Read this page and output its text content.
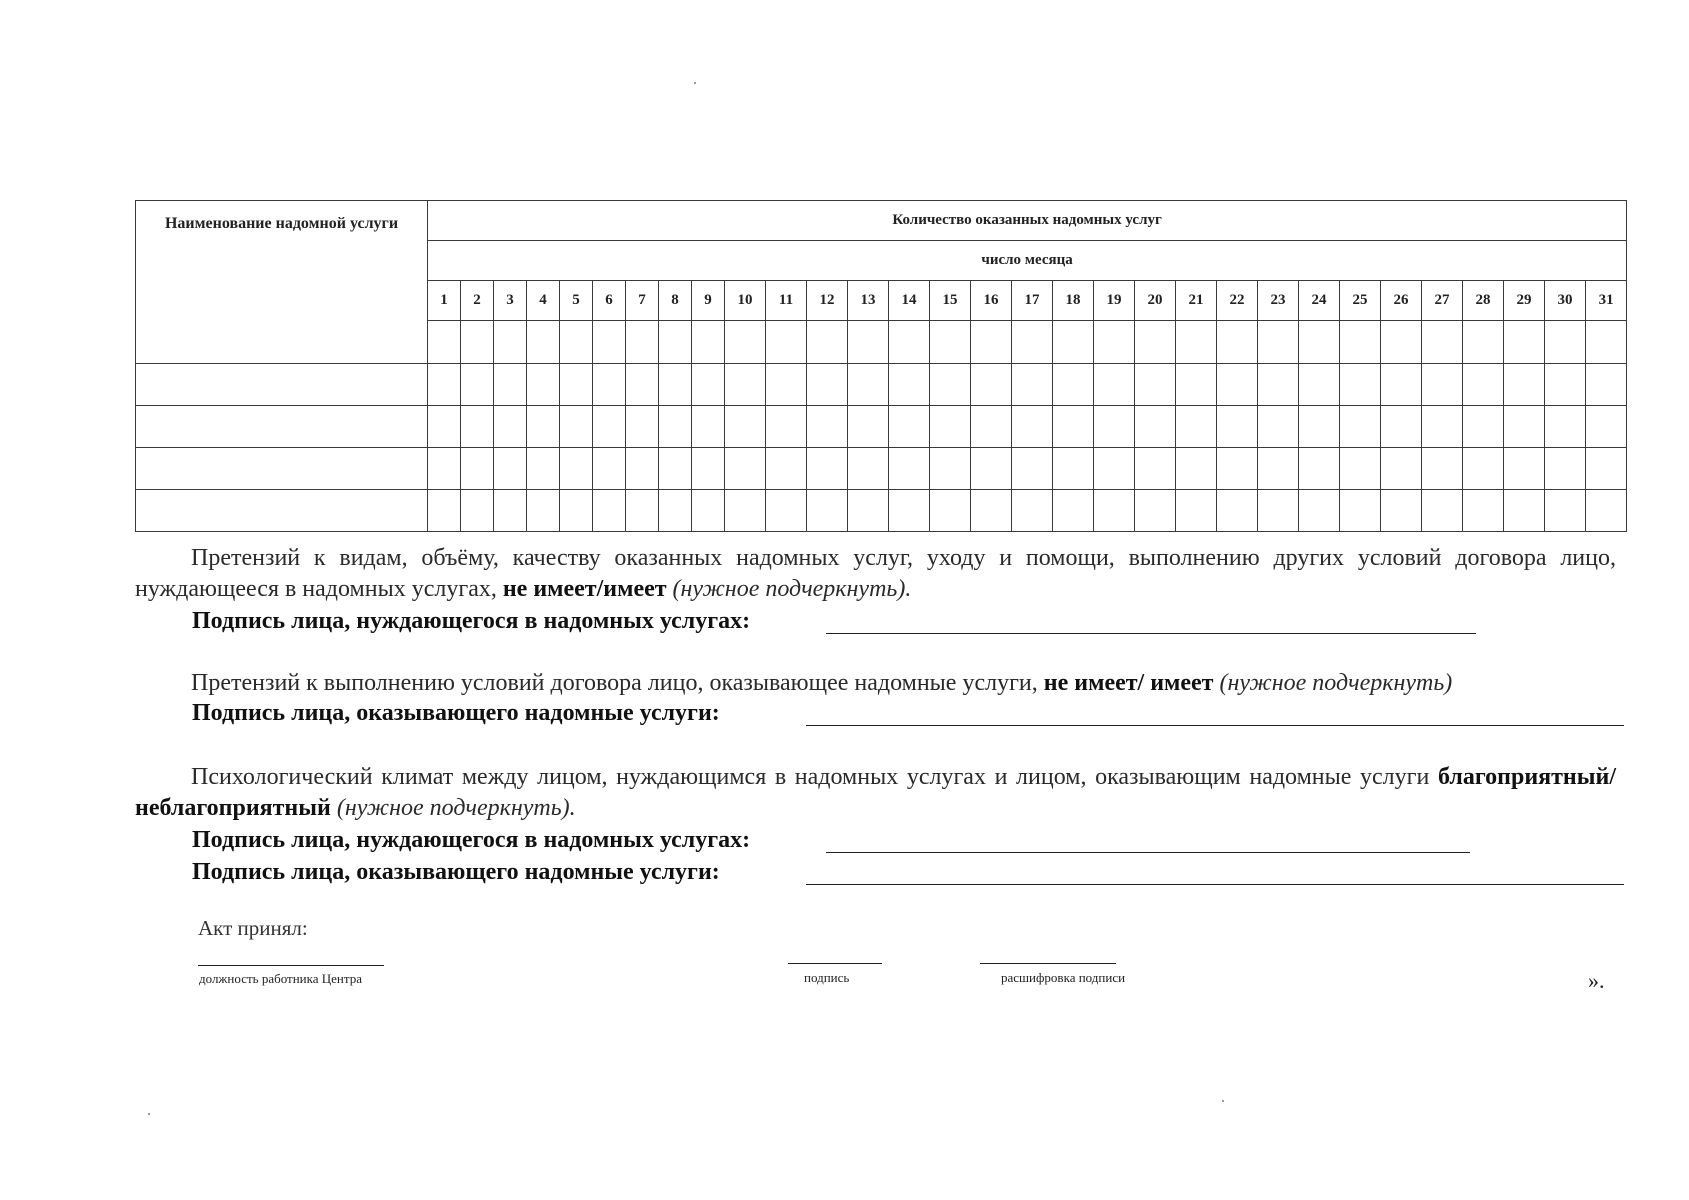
Наименование надомной услуги	Количество оказанных надомных услуг																														
	число месяца																														
	1	2	3	4	5	6	7	8	9	10	11	12	13	14	15	16	17	18	19	20	21	22	23	24	25	26	27	28	29	30	31

Претензий к видам, объёму, качеству оказанных надомных услуг, уходу и помощи, выполнению других условий договора лицо, нуждающееся в надомных услугах, не имеет/имеет (нужное подчеркнуть).
Подпись лица, нуждающегося в надомных услугах:
Претензий к выполнению условий договора лицо, оказывающее надомные услуги, не имеет/ имеет (нужное подчеркнуть)
Подпись лица, оказывающего надомные услуги:
Психологический климат между лицом, нуждающимся в надомных услугах и лицом, оказывающим надомные услуги благоприятный/неблагоприятный (нужное подчеркнуть).
Подпись лица, нуждающегося в надомных услугах:
Подпись лица, оказывающего надомные услуги:
Акт принял:
должность работника Центра	подпись	расшифровка подписи	».
